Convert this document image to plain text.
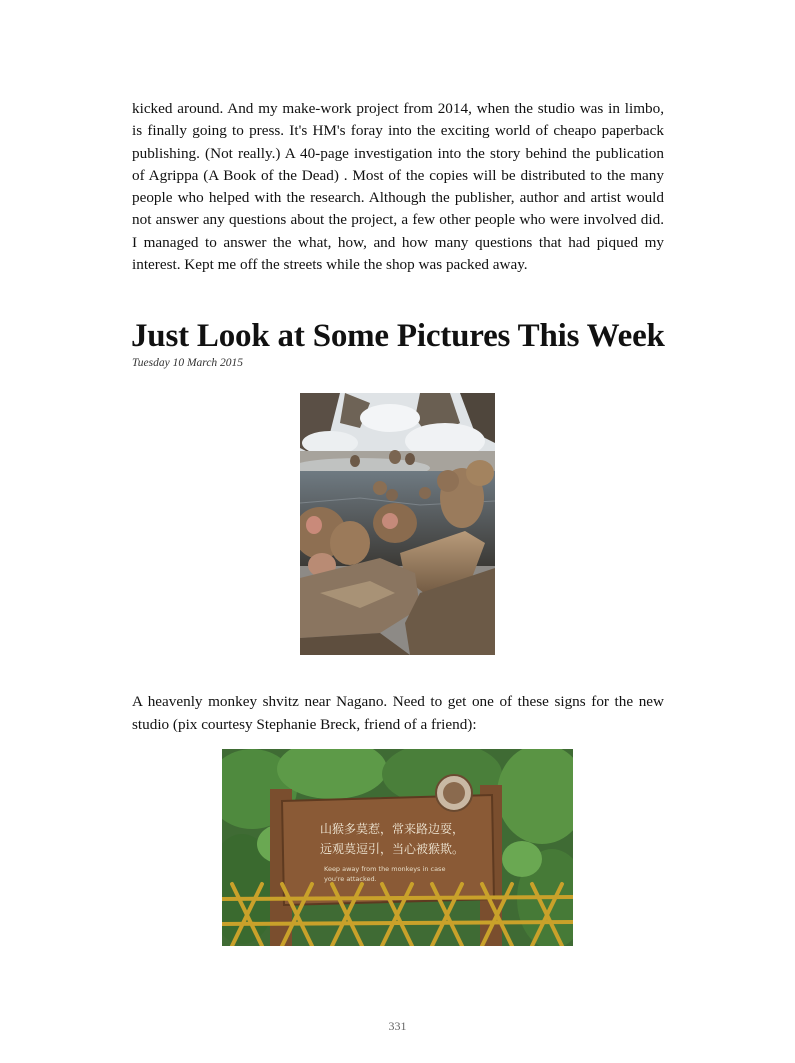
kicked around. And my make-work project from 2014, when the studio was in limbo, is finally going to press. It's HM's foray into the exciting world of cheapo paperback publishing. (Not really.) A 40-page investigation into the story behind the publication of Agrippa (A Book of the Dead) . Most of the copies will be distributed to the many people who helped with the research. Although the publisher, author and artist would not answer any questions about the project, a few other people who were involved did. I managed to answer the what, how, and how many questions that had piqued my interest. Kept me off the streets while the shop was packed away.

Just Look at Some Pictures This Week
Tuesday 10 March 2015

A heavenly monkey shvitz near Nagano. Need to get one of these signs for the new studio (pix courtesy Stephanie Breck, friend of a friend):

山猴多莫惹，常来路边耍，
远观莫逗引，当心被猴欺。
Keep away from the monkeys in case
you're attacked.
331
